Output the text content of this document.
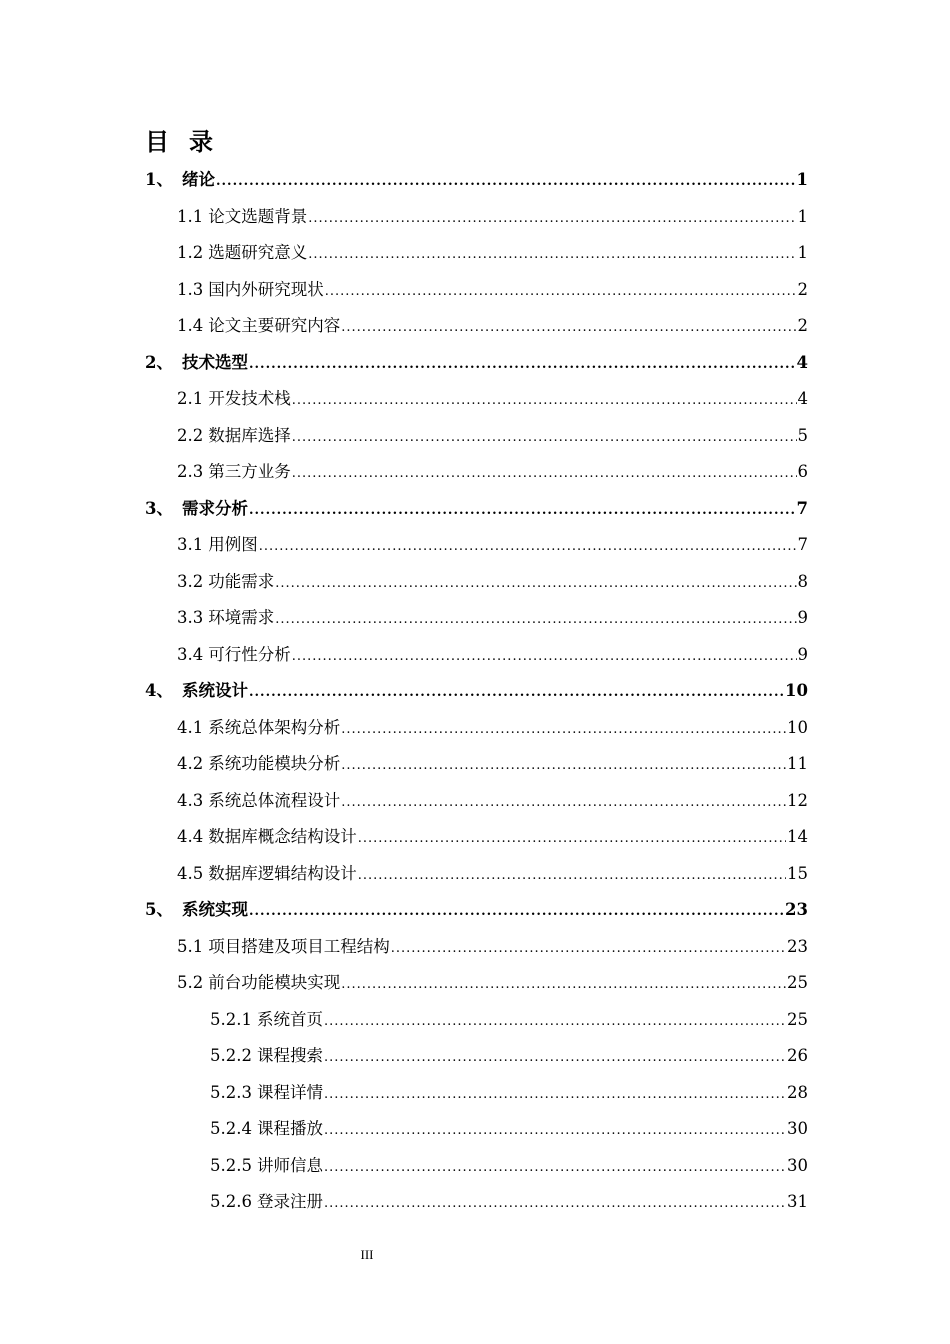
目录
1、 绪论 .....	1
1.1 论文选题背景 .....	1
1.2 选题研究意义 .....	1
1.3 国内外研究现状 .....	2
1.4 论文主要研究内容 .....	2
2、 技术选型 .....	4
2.1 开发技术栈 .....	4
2.2 数据库选择 .....	5
2.3 第三方业务 .....	6
3、 需求分析 .....	7
3.1 用例图 .....	7
3.2 功能需求 .....	8
3.3 环境需求 .....	9
3.4 可行性分析 .....	9
4、 系统设计 .....	10
4.1 系统总体架构分析 .....	10
4.2 系统功能模块分析 .....	11
4.3 系统总体流程设计 .....	12
4.4 数据库概念结构设计 .....	14
4.5 数据库逻辑结构设计 .....	15
5、 系统实现 .....	23
5.1 项目搭建及项目工程结构 .....	23
5.2 前台功能模块实现 .....	25
5.2.1 系统首页 .....	25
5.2.2 课程搜索 .....	26
5.2.3 课程详情 .....	28
5.2.4 课程播放 .....	30
5.2.5 讲师信息 .....	30
5.2.6 登录注册 .....	31
III
